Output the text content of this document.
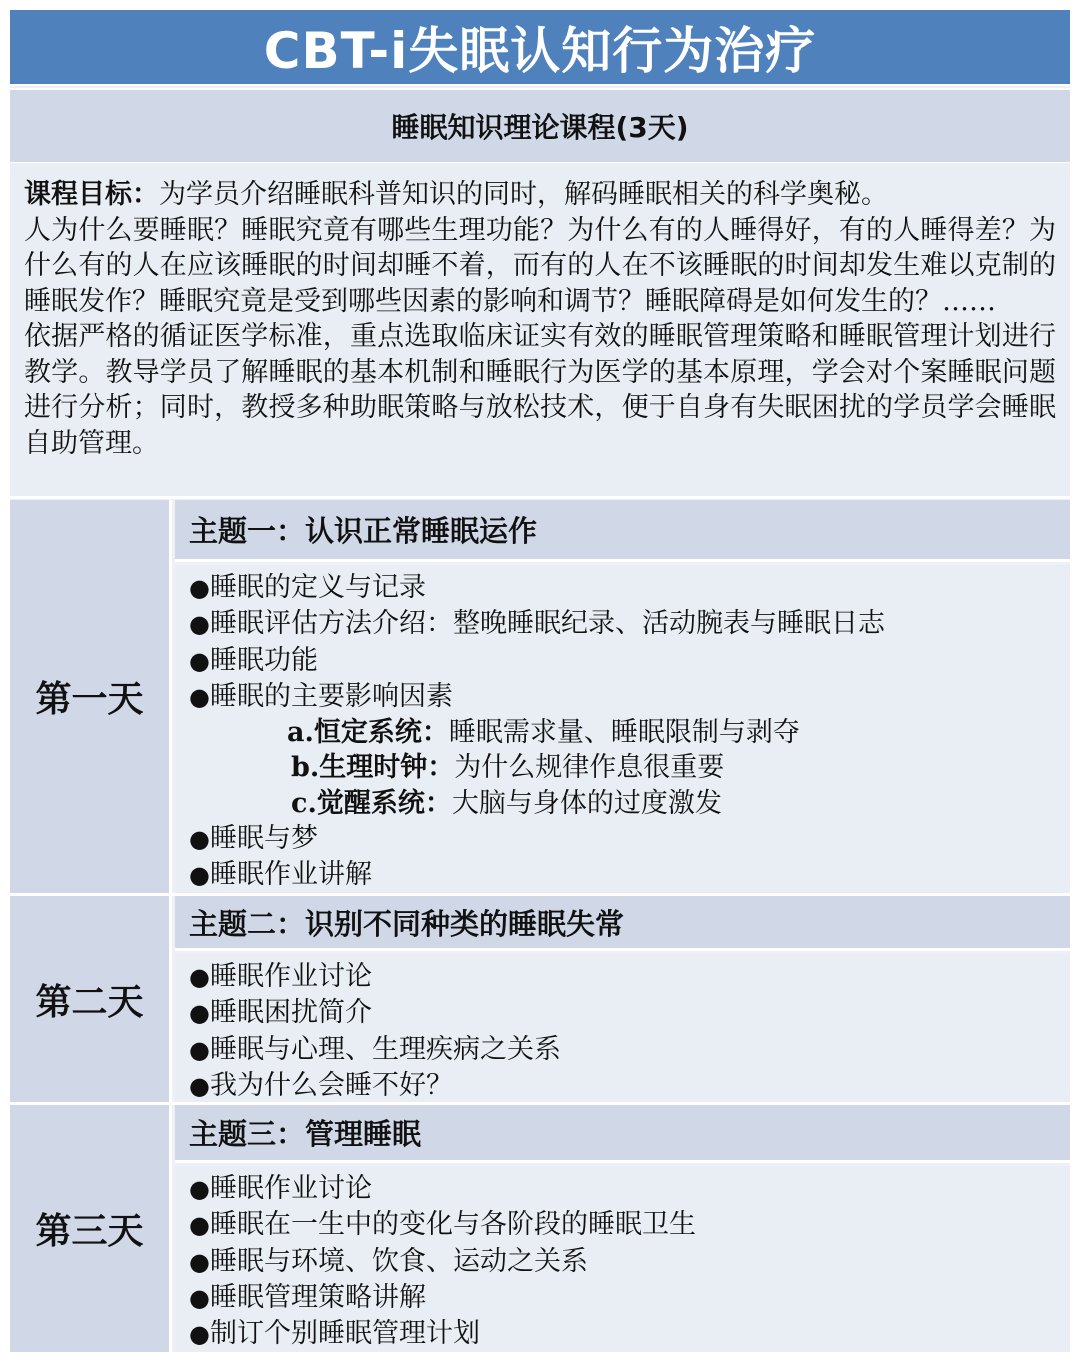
CBT-i失眠认知行为治疗
睡眠知识理论课程(3天)

课程目标：为学员介绍睡眠科普知识的同时，解码睡眠相关的科学奥秘。

人为什么要睡眠？睡眠究竟有哪些生理功能？为什么有的人睡得好，有的人睡得差？为什么有的人在应该睡眠的时间却睡不着，而有的人在不该睡眠的时间却发生难以克制的睡眠发作？睡眠究竟是受到哪些因素的影响和调节？睡眠障碍是如何发生的？……

依据严格的循证医学标准，重点选取临床证实有效的睡眠管理策略和睡眠管理计划进行教学。教导学员了解睡眠的基本机制和睡眠行为医学的基本原理，学会对个案睡眠问题进行分析；同时，教授多种助眠策略与放松技术，便于自身有失眠困扰的学员学会睡眠自助管理。

第一天
主题一：认识正常睡眠运作
●睡眠的定义与记录
●睡眠评估方法介绍：整晚睡眠纪录、活动腕表与睡眠日志
●睡眠功能
●睡眠的主要影响因素
a.恒定系统：睡眠需求量、睡眠限制与剥夺
b.生理时钟：为什么规律作息很重要
c.觉醒系统：大脑与身体的过度激发
●睡眠与梦
●睡眠作业讲解
第二天
主题二：识别不同种类的睡眠失常
●睡眠作业讨论
●睡眠困扰简介
●睡眠与心理、生理疾病之关系
●我为什么会睡不好？
第三天
主题三：管理睡眠
●睡眠作业讨论
●睡眠在一生中的变化与各阶段的睡眠卫生
●睡眠与环境、饮食、运动之关系
●睡眠管理策略讲解
●制订个别睡眠管理计划
